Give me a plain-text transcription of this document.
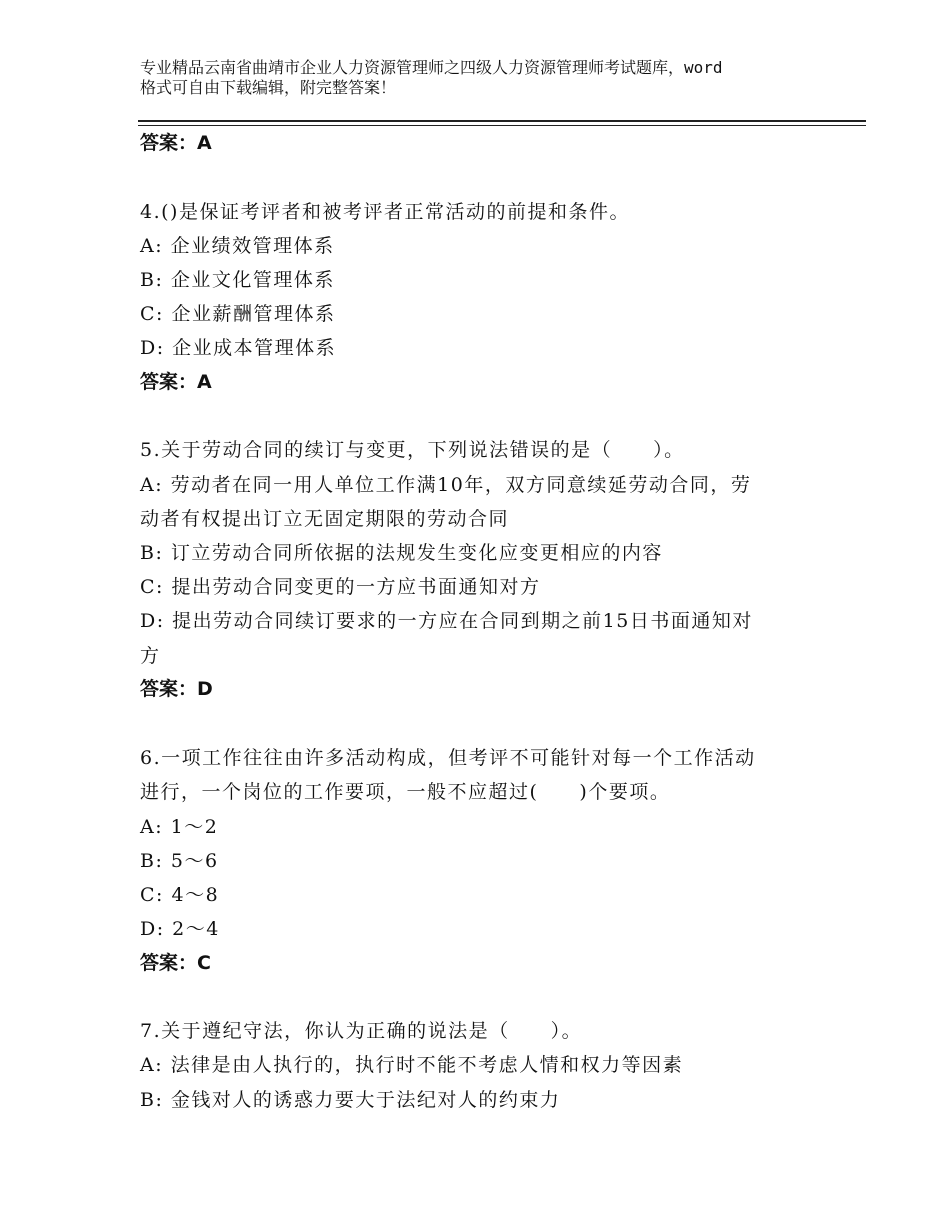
专业精品云南省曲靖市企业人力资源管理师之四级人力资源管理师考试题库，word
格式可自由下载编辑，附完整答案！
答案：A
4.()是保证考评者和被考评者正常活动的前提和条件。
A: 企业绩效管理体系
B: 企业文化管理体系
C: 企业薪酬管理体系
D: 企业成本管理体系
答案：A
5.关于劳动合同的续订与变更，下列说法错误的是（　　）。
A: 劳动者在同一用人单位工作满10年，双方同意续延劳动合同，劳
动者有权提出订立无固定期限的劳动合同
B: 订立劳动合同所依据的法规发生变化应变更相应的内容
C: 提出劳动合同变更的一方应书面通知对方
D: 提出劳动合同续订要求的一方应在合同到期之前15日书面通知对
方
答案：D
6.一项工作往往由许多活动构成，但考评不可能针对每一个工作活动
进行，一个岗位的工作要项，一般不应超过(　　)个要项。
A: 1～2
B: 5～6
C: 4～8
D: 2～4
答案：C
7.关于遵纪守法，你认为正确的说法是（　　）。
A: 法律是由人执行的，执行时不能不考虑人情和权力等因素
B: 金钱对人的诱惑力要大于法纪对人的约束力
